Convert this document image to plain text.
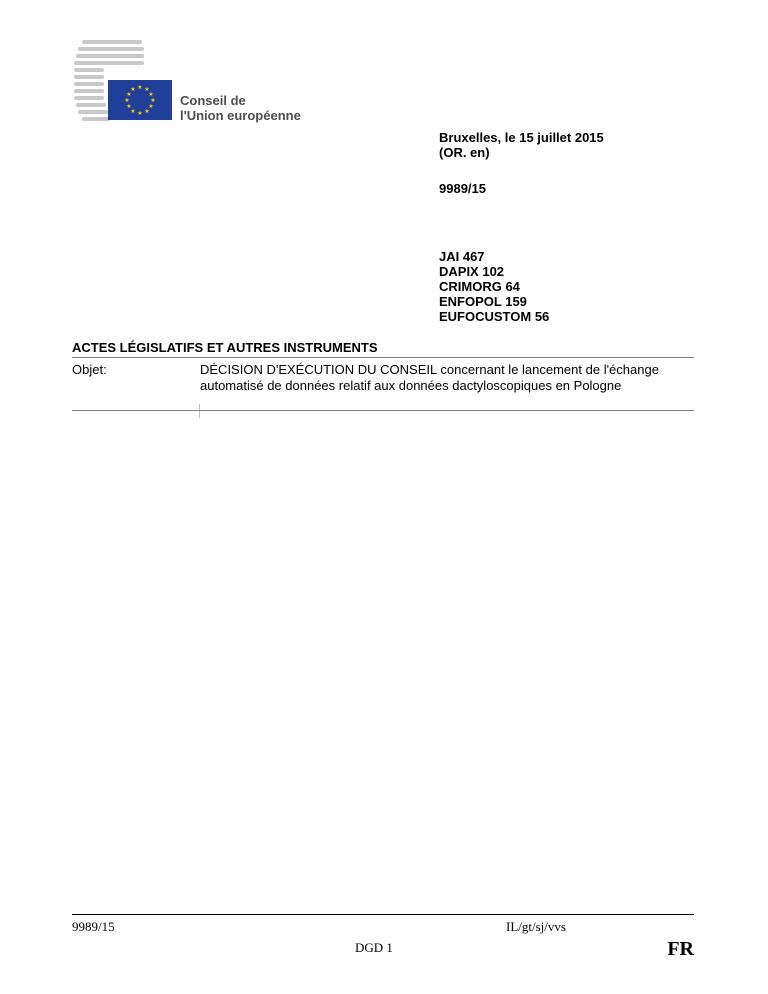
★ ★
★
★
★
★
★
★
★
★
★
★
Conseil de
l'Union européenne
Bruxelles, le 15 juillet 2015
(OR. en)
9989/15
JAI 467
DAPIX 102
CRIMORG 64
ENFOPOL 159
EUFOCUSTOM 56
ACTES LÉGISLATIFS ET AUTRES INSTRUMENTS
Objet:	DÉCISION D'EXÉCUTION DU CONSEIL concernant le lancement de l'échange automatisé de données relatif aux données dactyloscopiques en Pologne
9989/15	IL/gt/sj/vvs
DGD 1	FR
